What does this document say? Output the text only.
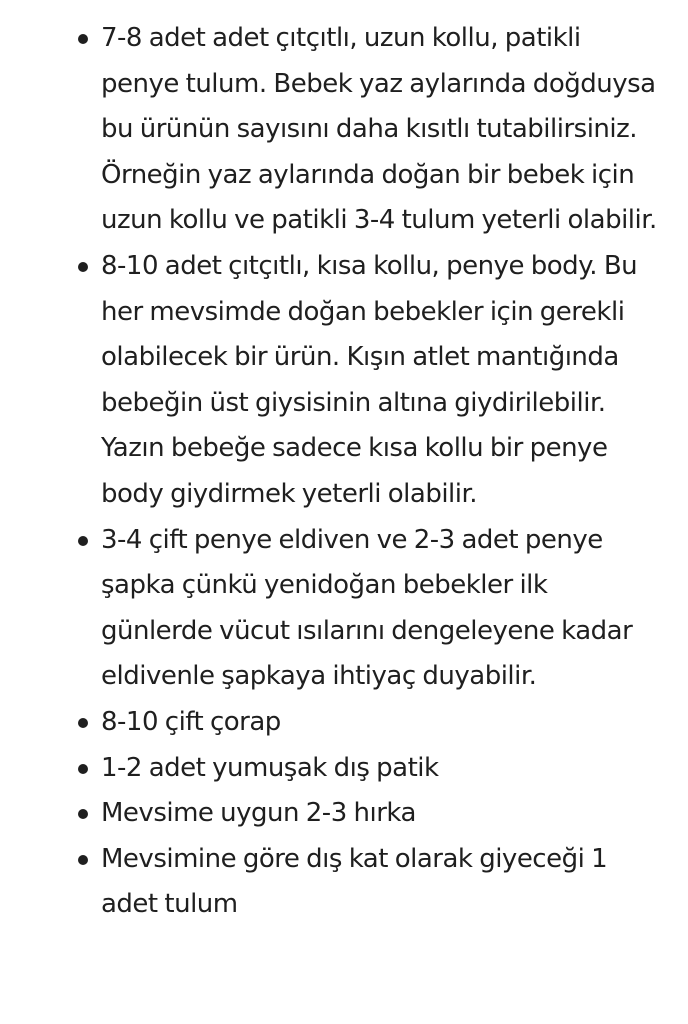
7-8 adet adet çıtçıtlı, uzun kollu, patikli penye tulum. Bebek yaz aylarında doğduysa bu ürünün sayısını daha kısıtlı tutabilirsiniz. Örneğin yaz aylarında doğan bir bebek için uzun kollu ve patikli 3-4 tulum yeterli olabilir.
8-10 adet çıtçıtlı, kısa kollu, penye body. Bu her mevsimde doğan bebekler için gerekli olabilecek bir ürün. Kışın atlet mantığında bebeğin üst giysisinin altına giydirilebilir. Yazın bebeğe sadece kısa kollu bir penye body giydirmek yeterli olabilir.
3-4 çift penye eldiven ve 2-3 adet penye şapka çünkü yenidoğan bebekler ilk günlerde vücut ısılarını dengeleyene kadar eldivenle şapkaya ihtiyaç duyabilir.
8-10 çift çorap
1-2 adet yumuşak dış patik
Mevsime uygun 2-3 hırka
Mevsimine göre dış kat olarak giyeceği 1 adet tulum
